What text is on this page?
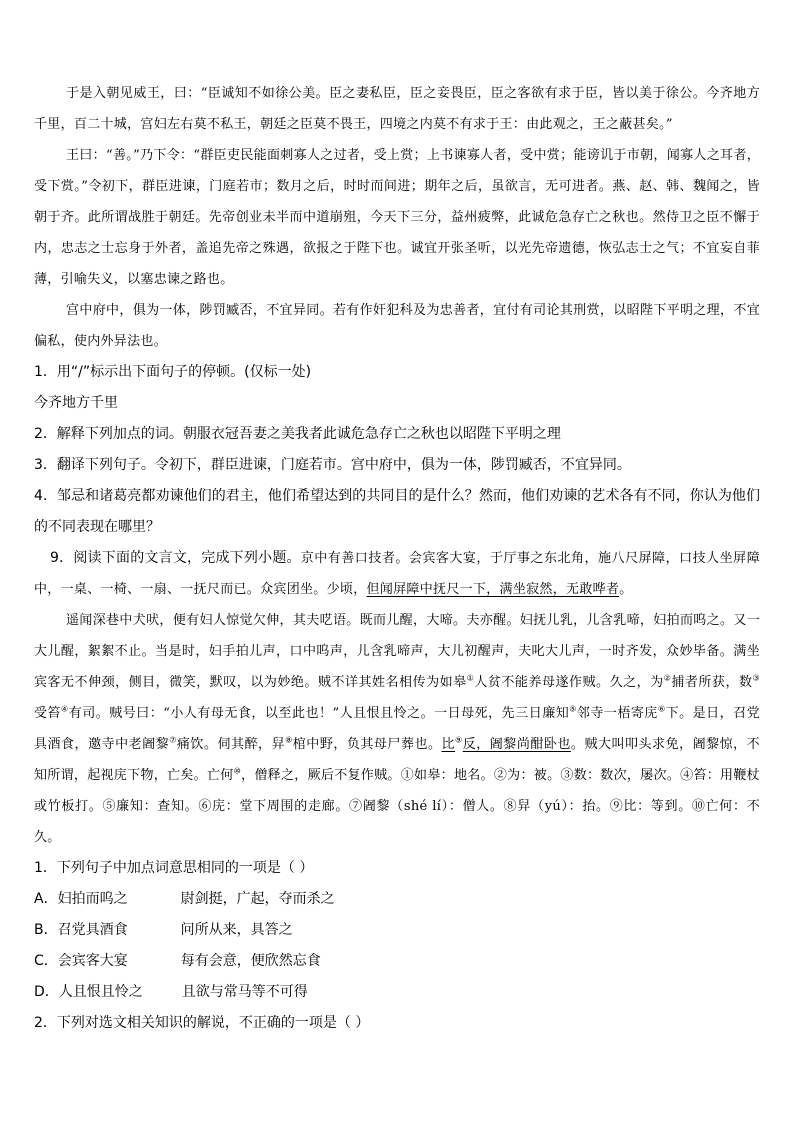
于是入朝见威王，曰：“臣诚知不如徐公美。臣之妻私臣，臣之妾畏臣，臣之客欲有求于臣，皆以美于徐公。今齐地方千里，百二十城，宫妇左右莫不私王，朝廷之臣莫不畏王，四境之内莫不有求于王：由此观之，王之蔽甚矣。”

王曰：“善。”乃下令：“群臣吏民能面刺寡人之过者，受上赏；上书谏寡人者，受中赏；能谤讥于市朝，闻寡人之耳者，受下赏。”令初下，群臣进谏，门庭若市；数月之后，时时而间进；期年之后，虽欲言，无可进者。燕、赵、韩、魏闻之，皆朝于齐。此所谓战胜于朝廷。先帝创业未半而中道崩殂，今天下三分，益州疲弊，此诚危急存亡之秋也。然侍卫之臣不懈于内，忠志之士忘身于外者，盖追先帝之殊遇，欲报之于陛下也。诚宜开张圣听，以光先帝遗德，恢弘志士之气；不宜妄自菲薄，引喻失义，以塞忠谏之路也。

宫中府中，俱为一体，陟罚臧否，不宜异同。若有作奸犯科及为忠善者，宜付有司论其刑赏，以昭陛下平明之理，不宜偏私，使内外异法也。

1．用“/”标示出下面句子的停顿。(仅标一处)

今齐地方千里

2．解释下列加点的词。朝服衣冠吾妻之美我者此诚危急存亡之秋也以昭陛下平明之理

3．翻译下列句子。令初下，群臣进谏，门庭若市。宫中府中，俱为一体，陟罚臧否，不宜异同。

4．邹忌和诸葛亮都劝谏他们的君主，他们希望达到的共同目的是什么？然而，他们劝谏的艺术各有不同，你认为他们的不同表现在哪里？

9．阅读下面的文言文，完成下列小题。京中有善口技者。会宾客大宴，于厅事之东北角，施八尺屏障，口技人坐屏障中，一桌、一椅、一扇、一抚尺而已。众宾团坐。少顷，但闻屏障中抚尺一下，满坐寂然，无敢哗者。

遥闻深巷中犬吠，便有妇人惊觉欠伸，其夫呓语。既而儿醒，大啼。夫亦醒。妇抚儿乳，儿含乳啼，妇拍而呜之。又一大儿醒，絮絮不止。当是时，妇手拍儿声，口中呜声，儿含乳啼声，大儿初醒声，夫叱大儿声，一时齐发，众妙毕备。满坐宾客无不伸颈，侧目，微笑，默叹，以为妙绝。贼不详其姓名相传为如皋①人贫不能养母遂作贼。久之，为②捕者所获，数③受笞④有司。贼号曰：“小人有母无食，以至此也！”人且恨且怜之。一日母死，先三日廉知⑤邻寺一梧寄庑⑥下。是日，召党具酒食，邀寺中老阇黎⑦痛饮。伺其醉，舁⑧棺中野，负其母尸葬也。比⑨反，阇黎尚酣卧也。贼大叫叩头求免，阇黎惊，不知所谓，起视庑下物，亡矣。亡何⑩，僧释之，厥后不复作贼。①如皋：地名。②为：被。③数：数次，屡次。④笞：用鞭杖或竹板打。⑤廉知：查知。⑥庑：堂下周围的走廊。⑦阇黎（shé lí）：僧人。⑧舁（yú）：抬。⑨比：等到。⑩亡何：不久。

1．下列句子中加点词意思相同的一项是（ ）

A．妇拍而呜之	尉剑挺，广起，夺而杀之

B．召党具酒食	问所从来，具答之

C．会宾客大宴	每有会意，便欣然忘食

D．人且恨且怜之	且欲与常马等不可得

2．下列对选文相关知识的解说，不正确的一项是（ ）
